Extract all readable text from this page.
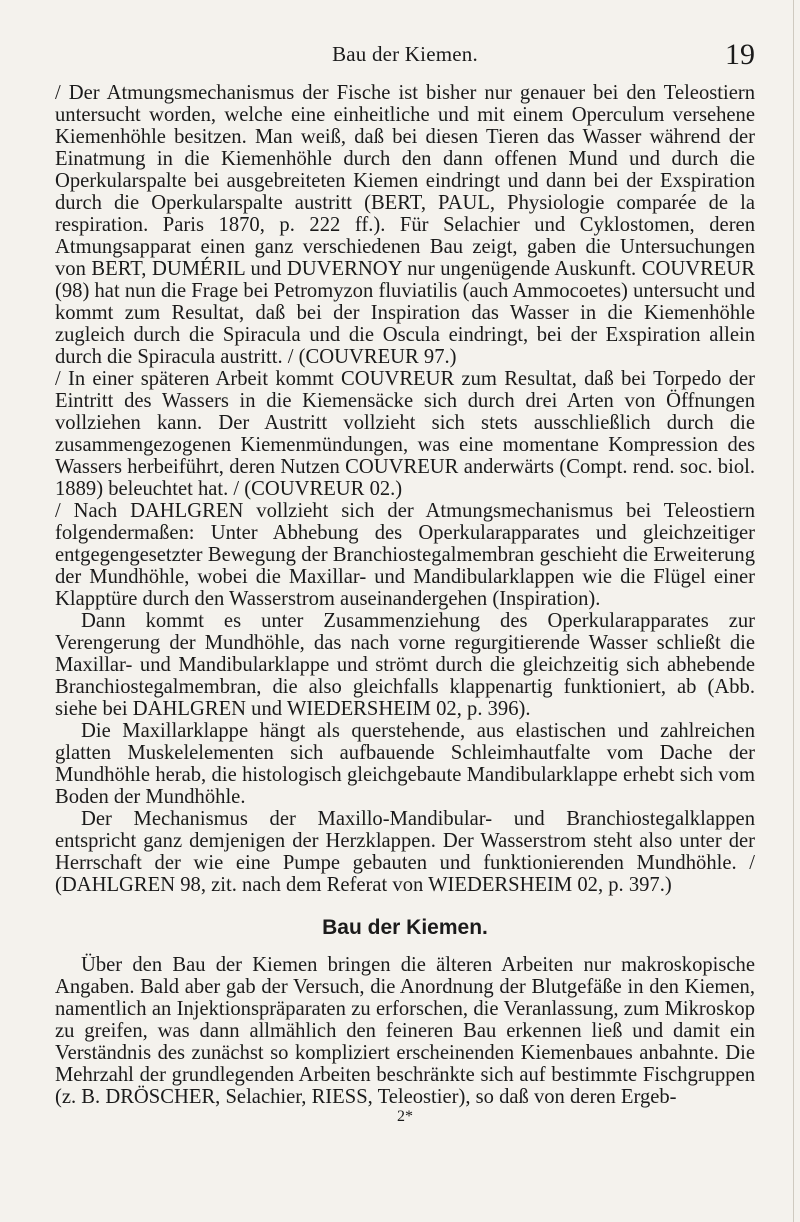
Bau der Kiemen.	19

/ Der Atmungsmechanismus der Fische ist bisher nur genauer bei den Teleostiern untersucht worden, welche eine einheitliche und mit einem Operculum versehene Kiemenhöhle besitzen. Man weiß, daß bei diesen Tieren das Wasser während der Einatmung in die Kiemenhöhle durch den dann offenen Mund und durch die Operkularspalte bei ausgebreiteten Kiemen eindringt und dann bei der Exspiration durch die Operkularspalte austritt (BERT, PAUL, Physiologie comparée de la respiration. Paris 1870, p. 222 ff.). Für Selachier und Cyklostomen, deren Atmungsapparat einen ganz verschiedenen Bau zeigt, gaben die Untersuchungen von BERT, DUMÉRIL und DUVERNOY nur ungenügende Auskunft. COUVREUR (98) hat nun die Frage bei Petromyzon fluviatilis (auch Ammocoetes) untersucht und kommt zum Resultat, daß bei der Inspiration das Wasser in die Kiemenhöhle zugleich durch die Spiracula und die Oscula eindringt, bei der Exspiration allein durch die Spiracula austritt. / (COUVREUR 97.)

/ In einer späteren Arbeit kommt COUVREUR zum Resultat, daß bei Torpedo der Eintritt des Wassers in die Kiemensäcke sich durch drei Arten von Öffnungen vollziehen kann. Der Austritt vollzieht sich stets ausschließlich durch die zusammengezogenen Kiemenmündungen, was eine momentane Kompression des Wassers herbeiführt, deren Nutzen COUVREUR anderwärts (Compt. rend. soc. biol. 1889) beleuchtet hat. / (COUVREUR 02.)

/ Nach DAHLGREN vollzieht sich der Atmungsmechanismus bei Teleostiern folgendermaßen: Unter Abhebung des Operkularapparates und gleichzeitiger entgegengesetzter Bewegung der Branchiostegalmembran geschieht die Erweiterung der Mundhöhle, wobei die Maxillar- und Mandibularklappen wie die Flügel einer Klapptüre durch den Wasserstrom auseinandergehen (Inspiration).

Dann kommt es unter Zusammenziehung des Operkularapparates zur Verengerung der Mundhöhle, das nach vorne regurgitierende Wasser schließt die Maxillar- und Mandibularklappe und strömt durch die gleichzeitig sich abhebende Branchiostegalmembran, die also gleichfalls klappenartig funktioniert, ab (Abb. siehe bei DAHLGREN und WIEDERSHEIM 02, p. 396).

Die Maxillarklappe hängt als querstehende, aus elastischen und zahlreichen glatten Muskelelementen sich aufbauende Schleimhautfalte vom Dache der Mundhöhle herab, die histologisch gleichgebaute Mandibularklappe erhebt sich vom Boden der Mundhöhle.

Der Mechanismus der Maxillo-Mandibular- und Branchiostegalklappen entspricht ganz demjenigen der Herzklappen. Der Wasserstrom steht also unter der Herrschaft der wie eine Pumpe gebauten und funktionierenden Mundhöhle. / (DAHLGREN 98, zit. nach dem Referat von WIEDERSHEIM 02, p. 397.)

Bau der Kiemen.

Über den Bau der Kiemen bringen die älteren Arbeiten nur makroskopische Angaben. Bald aber gab der Versuch, die Anordnung der Blutgefäße in den Kiemen, namentlich an Injektionspräparaten zu erforschen, die Veranlassung, zum Mikroskop zu greifen, was dann allmählich den feineren Bau erkennen ließ und damit ein Verständnis des zunächst so kompliziert erscheinenden Kiemenbaues anbahnte. Die Mehrzahl der grundlegenden Arbeiten beschränkte sich auf bestimmte Fischgruppen (z. B. DRÖSCHER, Selachier, RIESS, Teleostier), so daß von deren Ergeb-

2*
